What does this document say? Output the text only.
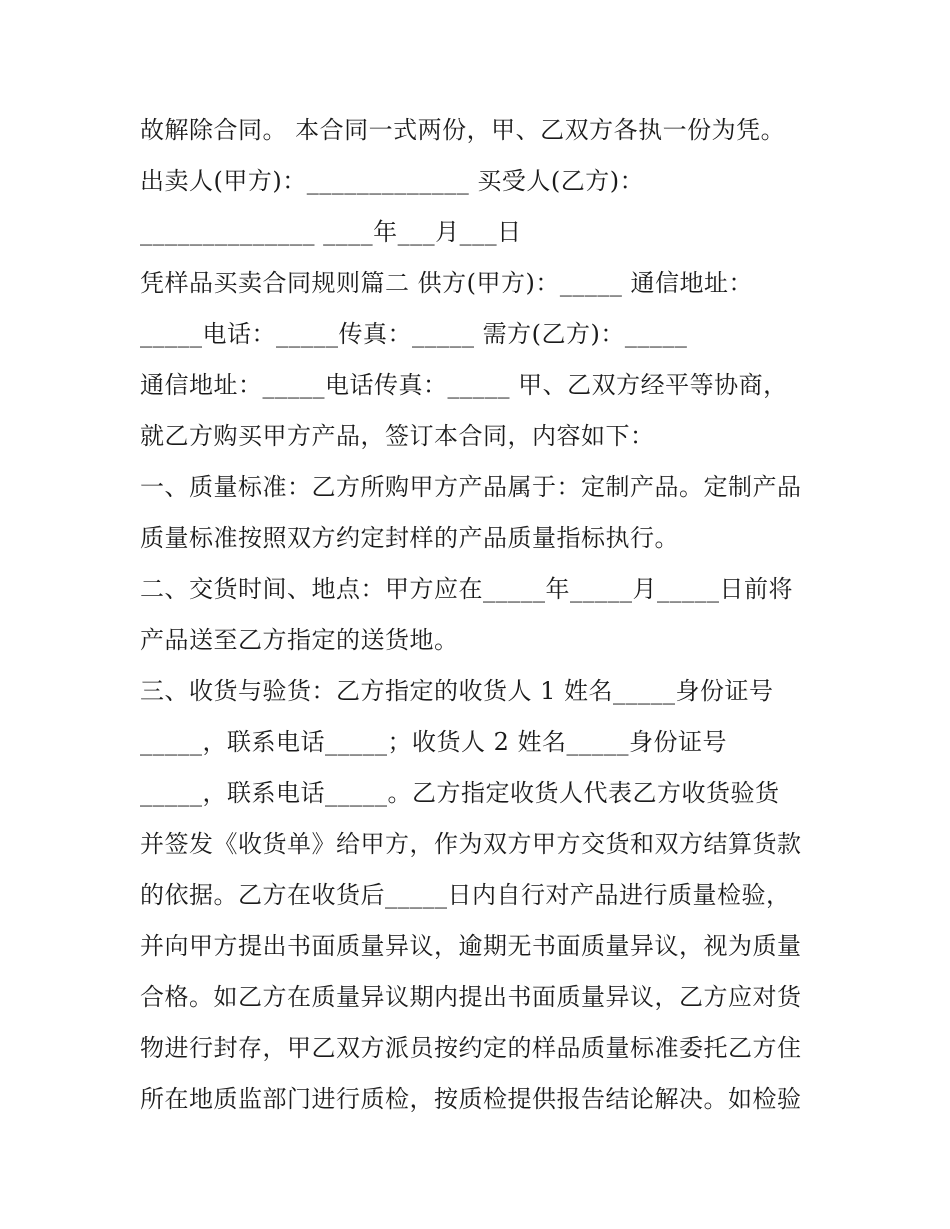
故解除合同。 本合同一式两份，甲、乙双方各执一份为凭。
出卖人(甲方)：_____________ 买受人(乙方)：
______________ ____年___月___日
凭样品买卖合同规则篇二 供方(甲方)：_____ 通信地址：
_____电话：_____传真：_____ 需方(乙方)：_____
通信地址：_____电话传真：_____ 甲、乙双方经平等协商，
就乙方购买甲方产品，签订本合同，内容如下：
一、质量标准：乙方所购甲方产品属于：定制产品。定制产品
质量标准按照双方约定封样的产品质量指标执行。
二、交货时间、地点：甲方应在_____年_____月_____日前将
产品送至乙方指定的送货地。
三、收货与验货：乙方指定的收货人 1 姓名_____身份证号
_____，联系电话_____；收货人 2 姓名_____身份证号
_____，联系电话_____。乙方指定收货人代表乙方收货验货
并签发《收货单》给甲方，作为双方甲方交货和双方结算货款
的依据。乙方在收货后_____日内自行对产品进行质量检验，
并向甲方提出书面质量异议，逾期无书面质量异议，视为质量
合格。如乙方在质量异议期内提出书面质量异议，乙方应对货
物进行封存，甲乙双方派员按约定的样品质量标准委托乙方住
所在地质监部门进行质检，按质检提供报告结论解决。如检验
